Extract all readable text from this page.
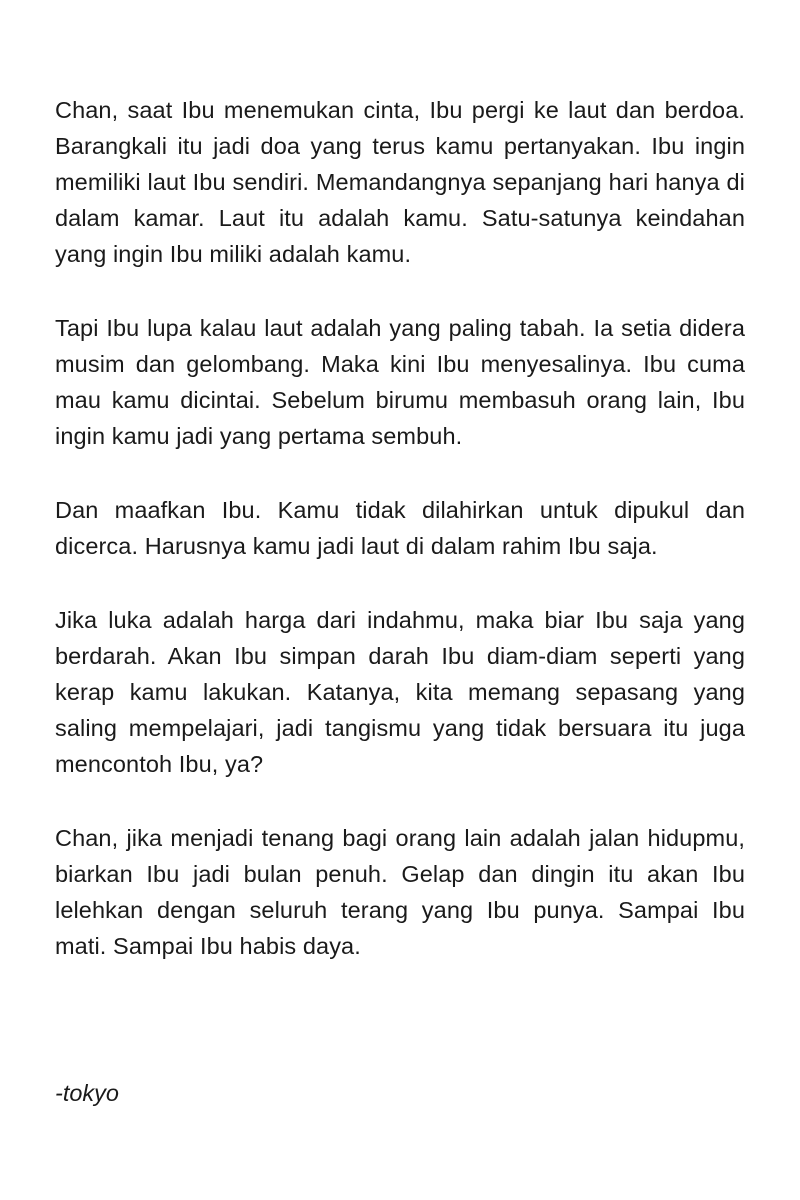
Chan, saat Ibu menemukan cinta, Ibu pergi ke laut dan berdoa. Barangkali itu jadi doa yang terus kamu pertanyakan. Ibu ingin memiliki laut Ibu sendiri. Memandangnya sepanjang hari hanya di dalam kamar. Laut itu adalah kamu. Satu-satunya keindahan yang ingin Ibu miliki adalah kamu.

Tapi Ibu lupa kalau laut adalah yang paling tabah. Ia setia didera musim dan gelombang. Maka kini Ibu menyesalinya. Ibu cuma mau kamu dicintai. Sebelum birumu membasuh orang lain, Ibu ingin kamu jadi yang pertama sembuh.

Dan maafkan Ibu. Kamu tidak dilahirkan untuk dipukul dan dicerca. Harusnya kamu jadi laut di dalam rahim Ibu saja.

Jika luka adalah harga dari indahmu, maka biar Ibu saja yang berdarah. Akan Ibu simpan darah Ibu diam-diam seperti yang kerap kamu lakukan. Katanya, kita memang sepasang yang saling mempelajari, jadi tangismu yang tidak bersuara itu juga mencontoh Ibu, ya?

Chan, jika menjadi tenang bagi orang lain adalah jalan hidupmu, biarkan Ibu jadi bulan penuh. Gelap dan dingin itu akan Ibu lelehkan dengan seluruh terang yang Ibu punya. Sampai Ibu mati. Sampai Ibu habis daya.

-tokyo
